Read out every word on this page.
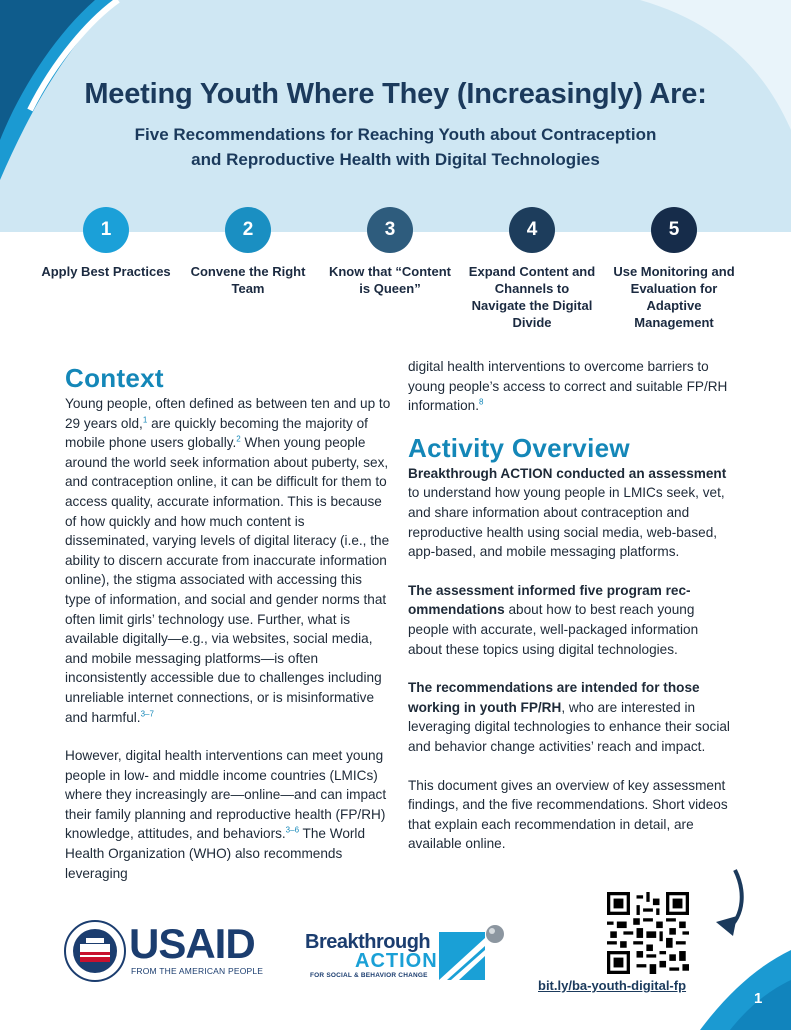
Meeting Youth Where They (Increasingly) Are:
Five Recommendations for Reaching Youth about Contraception and Reproductive Health with Digital Technologies
1
Apply Best Practices
2
Convene the Right Team
3
Know that “Content is Queen”
4
Expand Content and Channels to Navigate the Digital Divide
5
Use Monitoring and Evaluation for Adaptive Management
Context

Young people, often defined as between ten and up to 29 years old,$^1$ are quickly becoming the majority of mobile phone users globally.$^2$ When young people around the world seek information about puberty, sex, and contraception online, it can be difficult for them to access quality, accurate information. This is because of how quickly and how much content is disseminated, varying levels of digital literacy (i.e., the ability to discern accurate from inaccurate information online), the stigma associated with accessing this type of information, and social and gender norms that often limit girls’ technology use. Further, what is available digitally—e.g., via websites, social media, and mobile messaging platforms—is often inconsistently accessible due to challenges including unreliable internet connections, or is misinformative and harmful.$^{3-7}$

However, digital health interventions can meet young people in low- and middle income countries (LMICs) where they increasingly are—online—and can impact their family planning and reproductive health (FP/RH) knowledge, attitudes, and behaviors.$^{3-6}$ The World Health Organization (WHO) also recommends leveraging

digital health interventions to overcome barriers to young people’s access to correct and suitable FP/RH information.$^8$

Activity Overview

Breakthrough ACTION conducted an assessment to understand how young people in LMICs seek, vet, and share information about contraception and reproductive health using social media, web-based, app-based, and mobile messaging platforms.

The assessment informed five program recommendations about how to best reach young people with accurate, well-packaged information about these topics using digital technologies.

The recommendations are intended for those working in youth FP/RH, who are interested in leveraging digital technologies to enhance their social and behavior change activities’ reach and impact.

This document gives an overview of key assessment findings, and the five recommendations. Short videos that explain each recommendation in detail, are available online.

USAID
FROM THE AMERICAN PEOPLE
Breakthrough
ACTION
FOR SOCIAL & BEHAVIOR CHANGE
bit.ly/ba-youth-digital-fp
1
